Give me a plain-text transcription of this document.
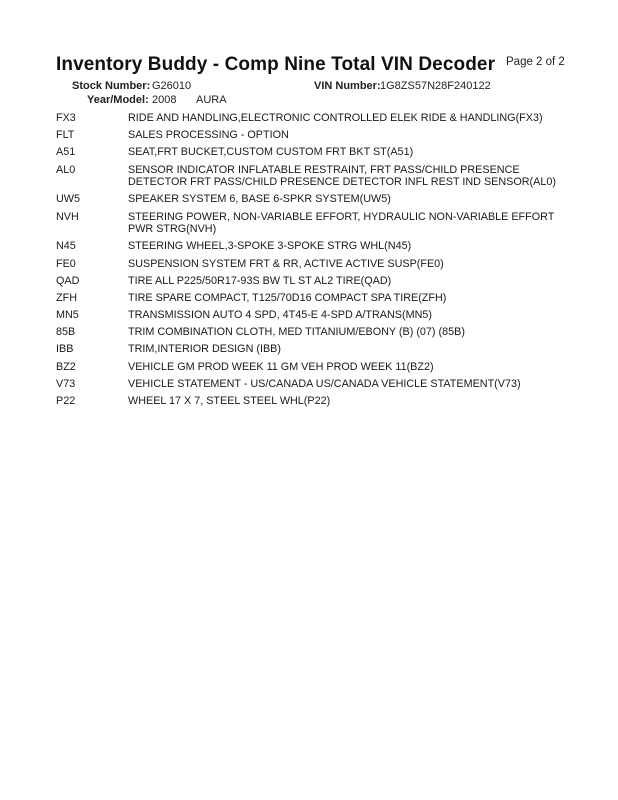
Inventory Buddy - Comp Nine Total VIN Decoder Page 2 of 2
Stock Number: G26010	VIN Number: 1G8ZS57N28F240122
Year/Model: 2008 AURA
FX3	RIDE AND HANDLING,ELECTRONIC CONTROLLED ELEK RIDE & HANDLING(FX3)
FLT	SALES PROCESSING - OPTION
A51	SEAT,FRT BUCKET,CUSTOM CUSTOM FRT BKT ST(A51)
AL0	SENSOR INDICATOR INFLATABLE RESTRAINT, FRT PASS/CHILD PRESENCE DETECTOR FRT PASS/CHILD PRESENCE DETECTOR INFL REST IND SENSOR(AL0)
UW5	SPEAKER SYSTEM 6, BASE 6-SPKR SYSTEM(UW5)
NVH	STEERING POWER, NON-VARIABLE EFFORT, HYDRAULIC NON-VARIABLE EFFORT PWR STRG(NVH)
N45	STEERING WHEEL,3-SPOKE 3-SPOKE STRG WHL(N45)
FE0	SUSPENSION SYSTEM FRT & RR, ACTIVE ACTIVE SUSP(FE0)
QAD	TIRE ALL P225/50R17-93S BW TL ST AL2 TIRE(QAD)
ZFH	TIRE SPARE COMPACT, T125/70D16 COMPACT SPA TIRE(ZFH)
MN5	TRANSMISSION AUTO 4 SPD, 4T45-E 4-SPD A/TRANS(MN5)
85B	TRIM COMBINATION CLOTH, MED TITANIUM/EBONY (B) (07) (85B)
IBB	TRIM,INTERIOR DESIGN (IBB)
BZ2	VEHICLE GM PROD WEEK 11 GM VEH PROD WEEK 11(BZ2)
V73	VEHICLE STATEMENT - US/CANADA US/CANADA VEHICLE STATEMENT(V73)
P22	WHEEL 17 X 7, STEEL STEEL WHL(P22)
